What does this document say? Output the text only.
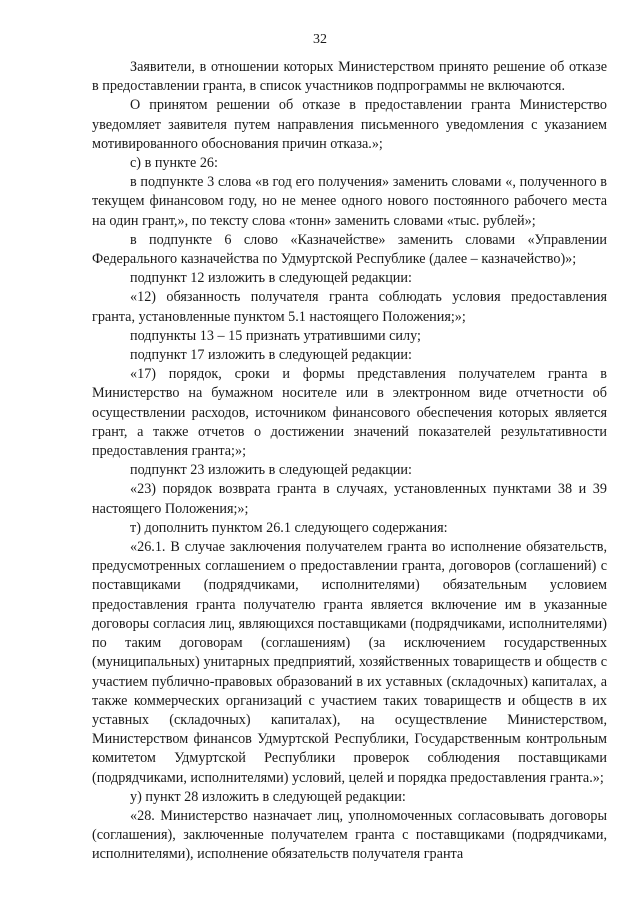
32

Заявители, в отношении которых Министерством принято решение об отказе в предоставлении гранта, в список участников подпрограммы не включаются.

О принятом решении об отказе в предоставлении гранта Министерство уведомляет заявителя путем направления письменного уведомления с указанием мотивированного обоснования причин отказа.»;

с) в пункте 26:

в подпункте 3 слова «в год его получения» заменить словами «, полученного в текущем финансовом году, но не менее одного нового постоянного рабочего места на один грант,», по тексту слова «тонн» заменить словами «тыс. рублей»;

в подпункте 6 слово «Казначействе» заменить словами «Управлении Федерального казначейства по Удмуртской Республике (далее – казначейство)»;

подпункт 12 изложить в следующей редакции:

«12) обязанность получателя гранта соблюдать условия предоставления гранта, установленные пунктом 5.1 настоящего Положения;»;

подпункты 13 – 15 признать утратившими силу;

подпункт 17 изложить в следующей редакции:

«17) порядок, сроки и формы представления получателем гранта в Министерство на бумажном носителе или в электронном виде отчетности об осуществлении расходов, источником финансового обеспечения которых является грант, а также отчетов о достижении значений показателей результативности предоставления гранта;»;

подпункт 23 изложить в следующей редакции:

«23) порядок возврата гранта в случаях, установленных пунктами 38 и 39 настоящего Положения;»;

т) дополнить пунктом 26.1 следующего содержания:

«26.1. В случае заключения получателем гранта во исполнение обязательств, предусмотренных соглашением о предоставлении гранта, договоров (соглашений) с поставщиками (подрядчиками, исполнителями) обязательным условием предоставления гранта получателю гранта является включение им в указанные договоры согласия лиц, являющихся поставщиками (подрядчиками, исполнителями) по таким договорам (соглашениям) (за исключением государственных (муниципальных) унитарных предприятий, хозяйственных товариществ и обществ с участием публично-правовых образований в их уставных (складочных) капиталах, а также коммерческих организаций с участием таких товариществ и обществ в их уставных (складочных) капиталах), на осуществление Министерством, Министерством финансов Удмуртской Республики, Государственным контрольным комитетом Удмуртской Республики проверок соблюдения поставщиками (подрядчиками, исполнителями) условий, целей и порядка предоставления гранта.»;

у) пункт 28 изложить в следующей редакции:

«28. Министерство назначает лиц, уполномоченных согласовывать договоры (соглашения), заключенные получателем гранта с поставщиками (подрядчиками, исполнителями), исполнение обязательств получателя гранта
